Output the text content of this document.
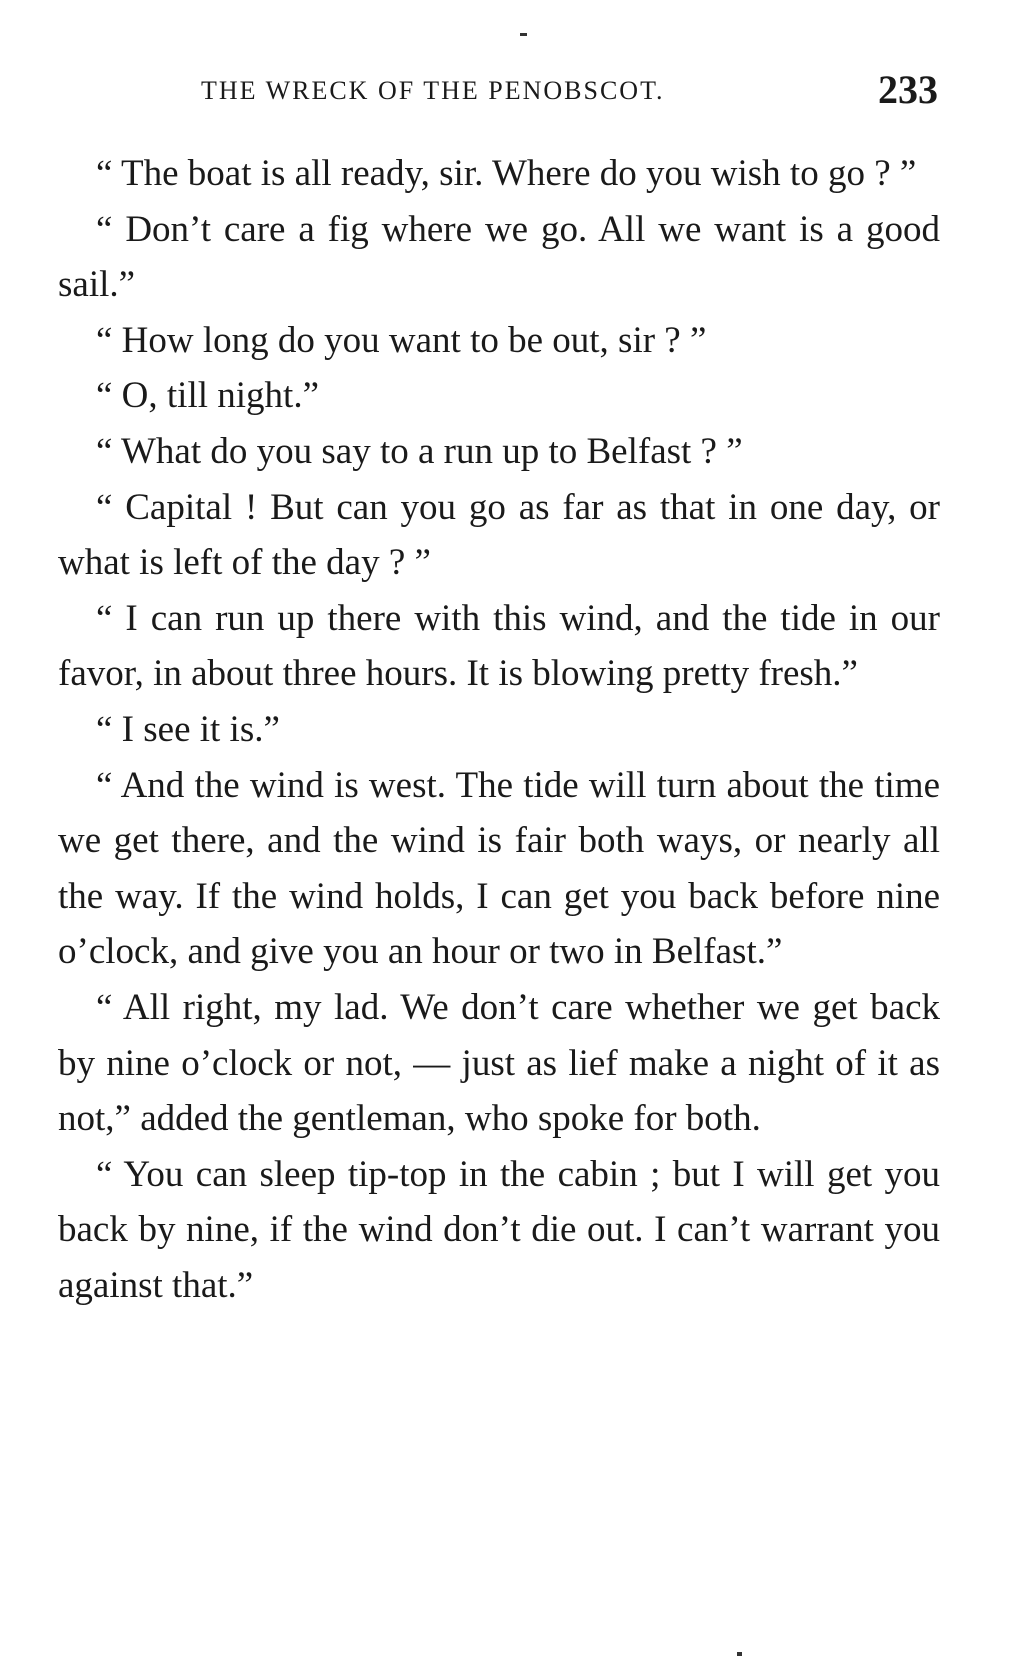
THE WRECK OF THE PENOBSCOT.	233

“ The boat is all ready, sir. Where do you wish to go ? ”

“ Don’t care a fig where we go. All we want is a good sail.”

“ How long do you want to be out, sir ? ”

“ O, till night.”

“ What do you say to a run up to Belfast ? ”

“ Capital ! But can you go as far as that in one day, or what is left of the day ? ”

“ I can run up there with this wind, and the tide in our favor, in about three hours. It is blowing pretty fresh.”

“ I see it is.”

“ And the wind is west. The tide will turn about the time we get there, and the wind is fair both ways, or nearly all the way. If the wind holds, I can get you back before nine o’clock, and give you an hour or two in Belfast.”

“ All right, my lad. We don’t care whether we get back by nine o’clock or not, — just as lief make a night of it as not,” added the gentleman, who spoke for both.

“ You can sleep tip-top in the cabin ; but I will get you back by nine, if the wind don’t die out. I can’t warrant you against that.”
